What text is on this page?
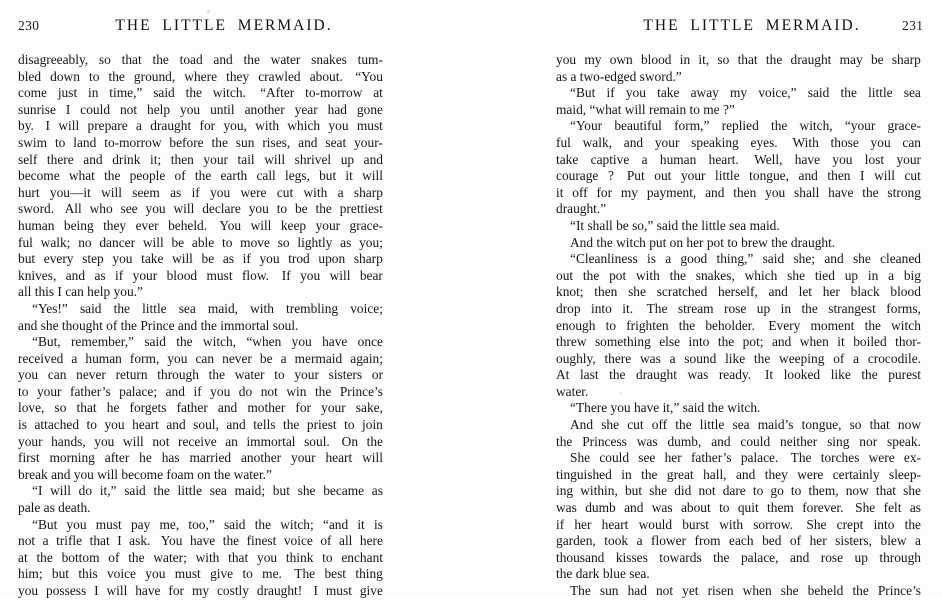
230	THE LITTLE MERMAID.	THE LITTLE MERMAID.	231
disagreeably, so that the toad and the water snakes tum-
bled down to the ground, where they crawled about. “You
come just in time,” said the witch. “After to-morrow at
sunrise I could not help you until another year had gone
by. I will prepare a draught for you, with which you must
swim to land to-morrow before the sun rises, and seat your-
self there and drink it; then your tail will shrivel up and
become what the people of the earth call legs, but it will
hurt you—it will seem as if you were cut with a sharp
sword. All who see you will declare you to be the prettiest
human being they ever beheld. You will keep your grace-
ful walk; no dancer will be able to move so lightly as you;
but every step you take will be as if you trod upon sharp
knives, and as if your blood must flow. If you will bear
all this I can help you.”
“Yes!” said the little sea maid, with trembling voice;
and she thought of the Prince and the immortal soul.
“But, remember,” said the witch, “when you have once
received a human form, you can never be a mermaid again;
you can never return through the water to your sisters or
to your father’s palace; and if you do not win the Prince’s
love, so that he forgets father and mother for your sake,
is attached to you heart and soul, and tells the priest to join
your hands, you will not receive an immortal soul. On the
first morning after he has married another your heart will
break and you will become foam on the water.”
“I will do it,” said the little sea maid; but she became as
pale as death.
“But you must pay me, too,” said the witch; “and it is
not a trifle that I ask. You have the finest voice of all here
at the bottom of the water; with that you think to enchant
him; but this voice you must give to me. The best thing
you possess I will have for my costly draught! I must give
you my own blood in it, so that the draught may be sharp
as a two-edged sword.”
“But if you take away my voice,” said the little sea
maid, “what will remain to me ?”
“Your beautiful form,” replied the witch, “your grace-
ful walk, and your speaking eyes. With those you can
take captive a human heart. Well, have you lost your
courage ? Put out your little tongue, and then I will cut
it off for my payment, and then you shall have the strong
draught.”
“It shall be so,” said the little sea maid.
And the witch put on her pot to brew the draught.
“Cleanliness is a good thing,” said she; and she cleaned
out the pot with the snakes, which she tied up in a big
knot; then she scratched herself, and let her black blood
drop into it. The stream rose up in the strangest forms,
enough to frighten the beholder. Every moment the witch
threw something else into the pot; and when it boiled thor-
oughly, there was a sound like the weeping of a crocodile.
At last the draught was ready. It looked like the purest
water.
“There you have it,” said the witch.
And she cut off the little sea maid’s tongue, so that now
the Princess was dumb, and could neither sing nor speak.
She could see her father’s palace. The torches were ex-
tinguished in the great hall, and they were certainly sleep-
ing within, but she did not dare to go to them, now that she
was dumb and was about to quit them forever. She felt as
if her heart would burst with sorrow. She crept into the
garden, took a flower from each bed of her sisters, blew a
thousand kisses towards the palace, and rose up through
the dark blue sea.
The sun had not yet risen when she beheld the Prince’s
